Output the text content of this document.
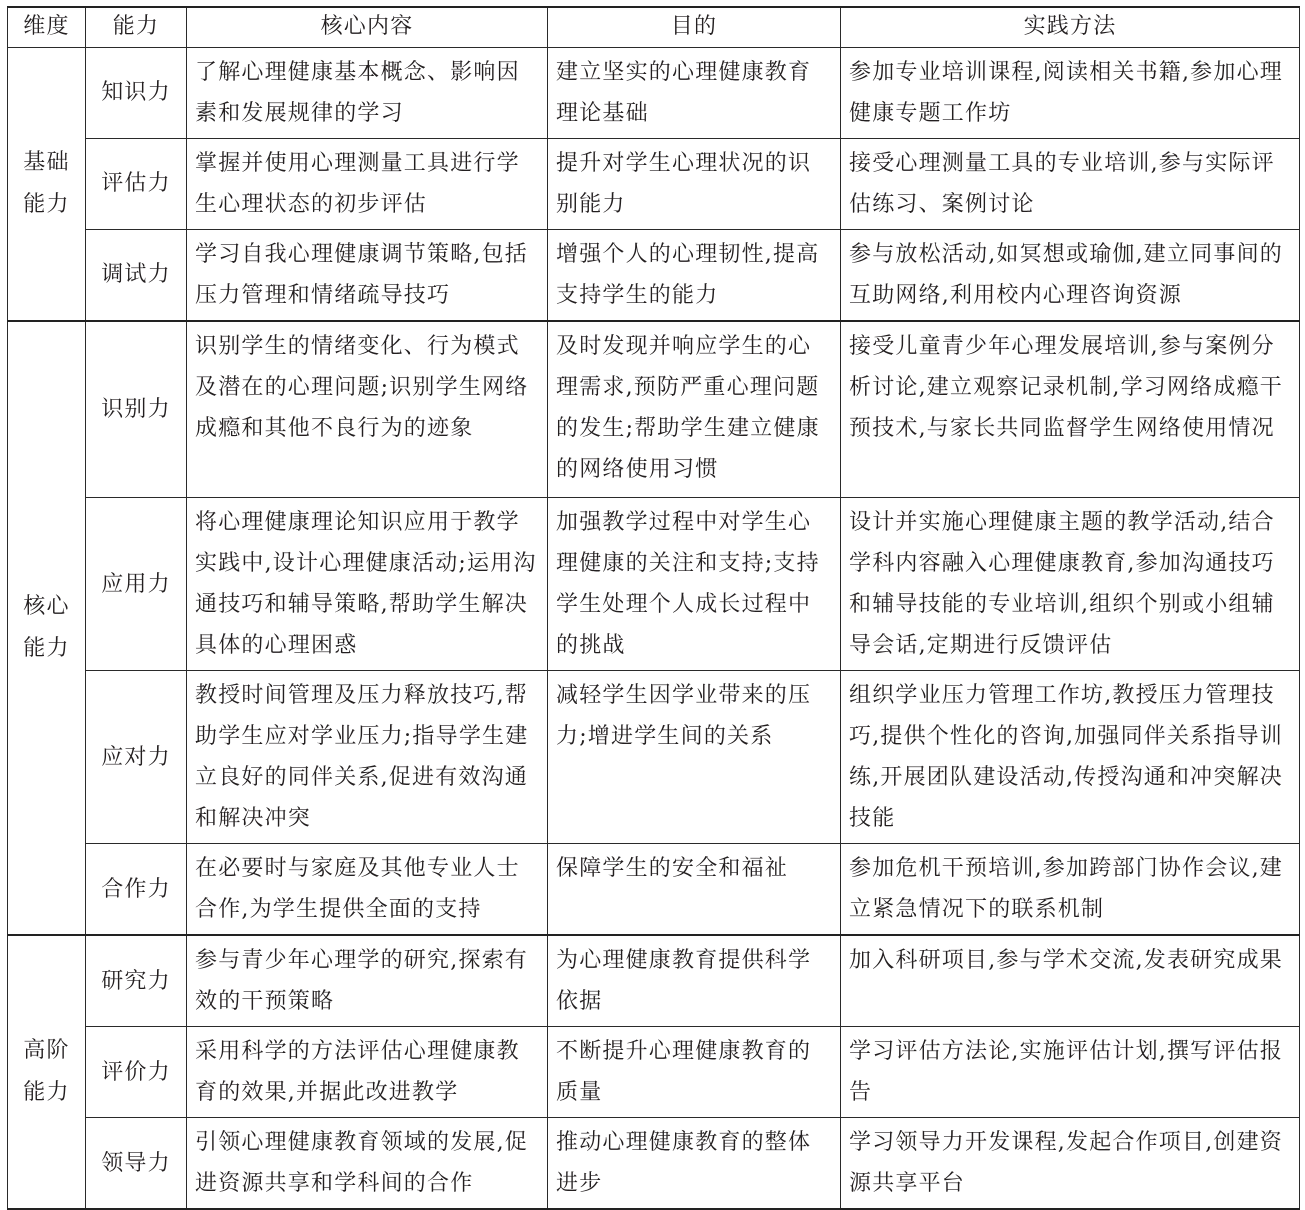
维度	能力	核心内容	目的	实践方法
基础能力	知识力	了解心理健康基本概念、影响因素和发展规律的学习	建立坚实的心理健康教育理论基础	参加专业培训课程,阅读相关书籍,参加心理健康专题工作坊
	评估力	掌握并使用心理测量工具进行学生心理状态的初步评估	提升对学生心理状况的识别能力	接受心理测量工具的专业培训,参与实际评估练习、案例讨论
	调试力	学习自我心理健康调节策略,包括压力管理和情绪疏导技巧	增强个人的心理韧性,提高支持学生的能力	参与放松活动,如冥想或瑜伽,建立同事间的互助网络,利用校内心理咨询资源
核心能力	识别力	识别学生的情绪变化、行为模式及潜在的心理问题;识别学生网络成瘾和其他不良行为的迹象	及时发现并响应学生的心理需求,预防严重心理问题的发生;帮助学生建立健康的网络使用习惯	接受儿童青少年心理发展培训,参与案例分析讨论,建立观察记录机制,学习网络成瘾干预技术,与家长共同监督学生网络使用情况
	应用力	将心理健康理论知识应用于教学实践中,设计心理健康活动;运用沟通技巧和辅导策略,帮助学生解决具体的心理困惑	加强教学过程中对学生心理健康的关注和支持;支持学生处理个人成长过程中的挑战	设计并实施心理健康主题的教学活动,结合学科内容融入心理健康教育,参加沟通技巧和辅导技能的专业培训,组织个别或小组辅导会话,定期进行反馈评估
	应对力	教授时间管理及压力释放技巧,帮助学生应对学业压力;指导学生建立良好的同伴关系,促进有效沟通和解决冲突	减轻学生因学业带来的压力;增进学生间的关系	组织学业压力管理工作坊,教授压力管理技巧,提供个性化的咨询,加强同伴关系指导训练,开展团队建设活动,传授沟通和冲突解决技能
	合作力	在必要时与家庭及其他专业人士合作,为学生提供全面的支持	保障学生的安全和福祉	参加危机干预培训,参加跨部门协作会议,建立紧急情况下的联系机制
高阶能力	研究力	参与青少年心理学的研究,探索有效的干预策略	为心理健康教育提供科学依据	加入科研项目,参与学术交流,发表研究成果
	评价力	采用科学的方法评估心理健康教育的效果,并据此改进教学	不断提升心理健康教育的质量	学习评估方法论,实施评估计划,撰写评估报告
	领导力	引领心理健康教育领域的发展,促进资源共享和学科间的合作	推动心理健康教育的整体进步	学习领导力开发课程,发起合作项目,创建资源共享平台
